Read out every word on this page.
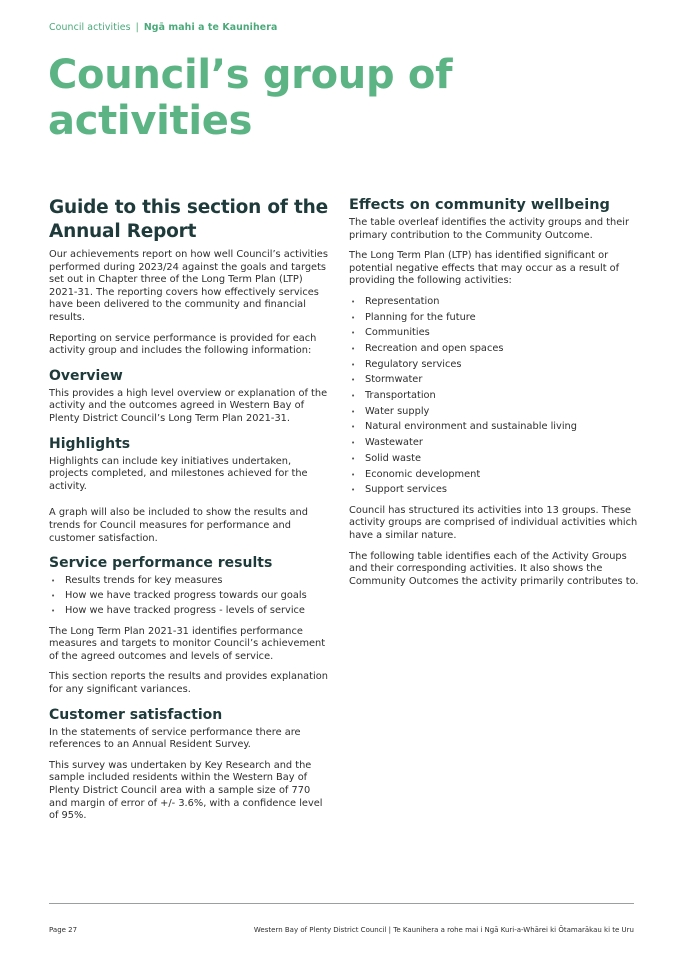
Council activities | Ngā mahi a te Kaunihera
Council’s group of activities
Guide to this section of the Annual Report

Our achievements report on how well Council’s activities performed during 2023/24 against the goals and targets set out in Chapter three of the Long Term Plan (LTP) 2021-31. The reporting covers how effectively services have been delivered to the community and financial results.

Reporting on service performance is provided for each activity group and includes the following information:

Overview

This provides a high level overview or explanation of the activity and the outcomes agreed in Western Bay of Plenty District Council’s Long Term Plan 2021-31.

Highlights

Highlights can include key initiatives undertaken, projects completed, and milestones achieved for the activity.

A graph will also be included to show the results and trends for Council measures for performance and customer satisfaction.

Service performance results
• Results trends for key measures
• How we have tracked progress towards our goals
• How we have tracked progress - levels of service

The Long Term Plan 2021-31 identifies performance measures and targets to monitor Council’s achievement of the agreed outcomes and levels of service.

This section reports the results and provides explanation for any significant variances.

Customer satisfaction

In the statements of service performance there are references to an Annual Resident Survey.

This survey was undertaken by Key Research and the sample included residents within the Western Bay of Plenty District Council area with a sample size of 770 and margin of error of +/- 3.6%, with a confidence level of 95%.

Effects on community wellbeing

The table overleaf identifies the activity groups and their primary contribution to the Community Outcome.

The Long Term Plan (LTP) has identified significant or potential negative effects that may occur as a result of providing the following activities:

• Representation
• Planning for the future
• Communities
• Recreation and open spaces
• Regulatory services
• Stormwater
• Transportation
• Water supply
• Natural environment and sustainable living
• Wastewater
• Solid waste
• Economic development
• Support services

Council has structured its activities into 13 groups. These activity groups are comprised of individual activities which have a similar nature.

The following table identifies each of the Activity Groups and their corresponding activities. It also shows the Community Outcomes the activity primarily contributes to.

Page 27	Western Bay of Plenty District Council | Te Kaunihera a rohe mai i Ngā Kuri-a-Whārei ki Ōtamarākau ki te Uru
